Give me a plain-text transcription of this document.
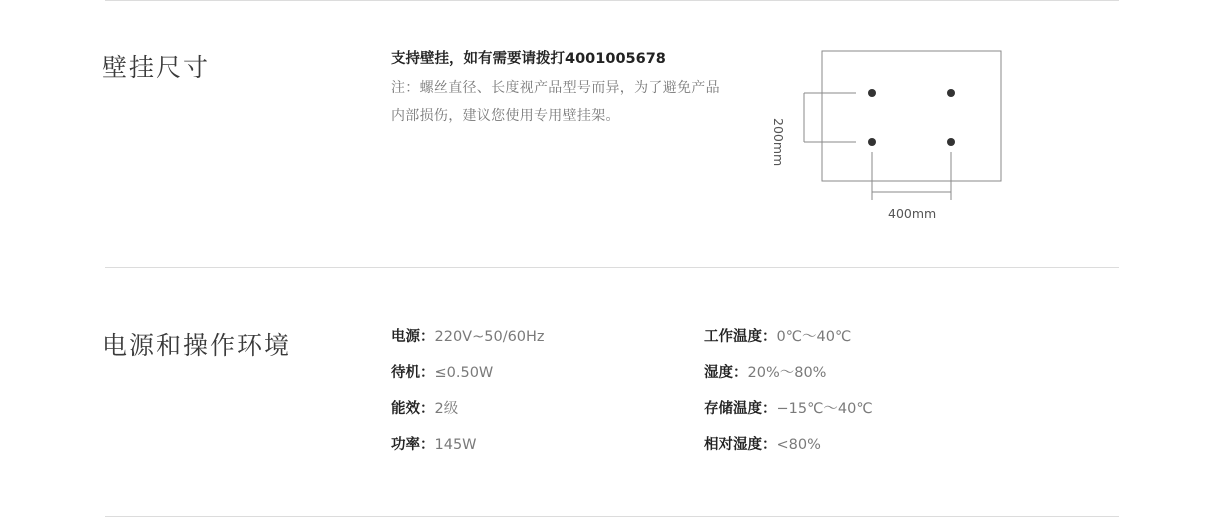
壁挂尺寸	支持壁挂，如有需要请拨打4001005678
注：螺丝直径、长度视产品型号而异，为了避免产品内部损伤，建议您使用专用壁挂架。
400mm
200mm
电源和操作环境	电源：220V~50/60Hz
待机：≤0.50W
能效：2级
功率：145W
工作温度：0℃～40℃
湿度：20%～80%
存储温度：−15℃～40℃
相对湿度：<80%
